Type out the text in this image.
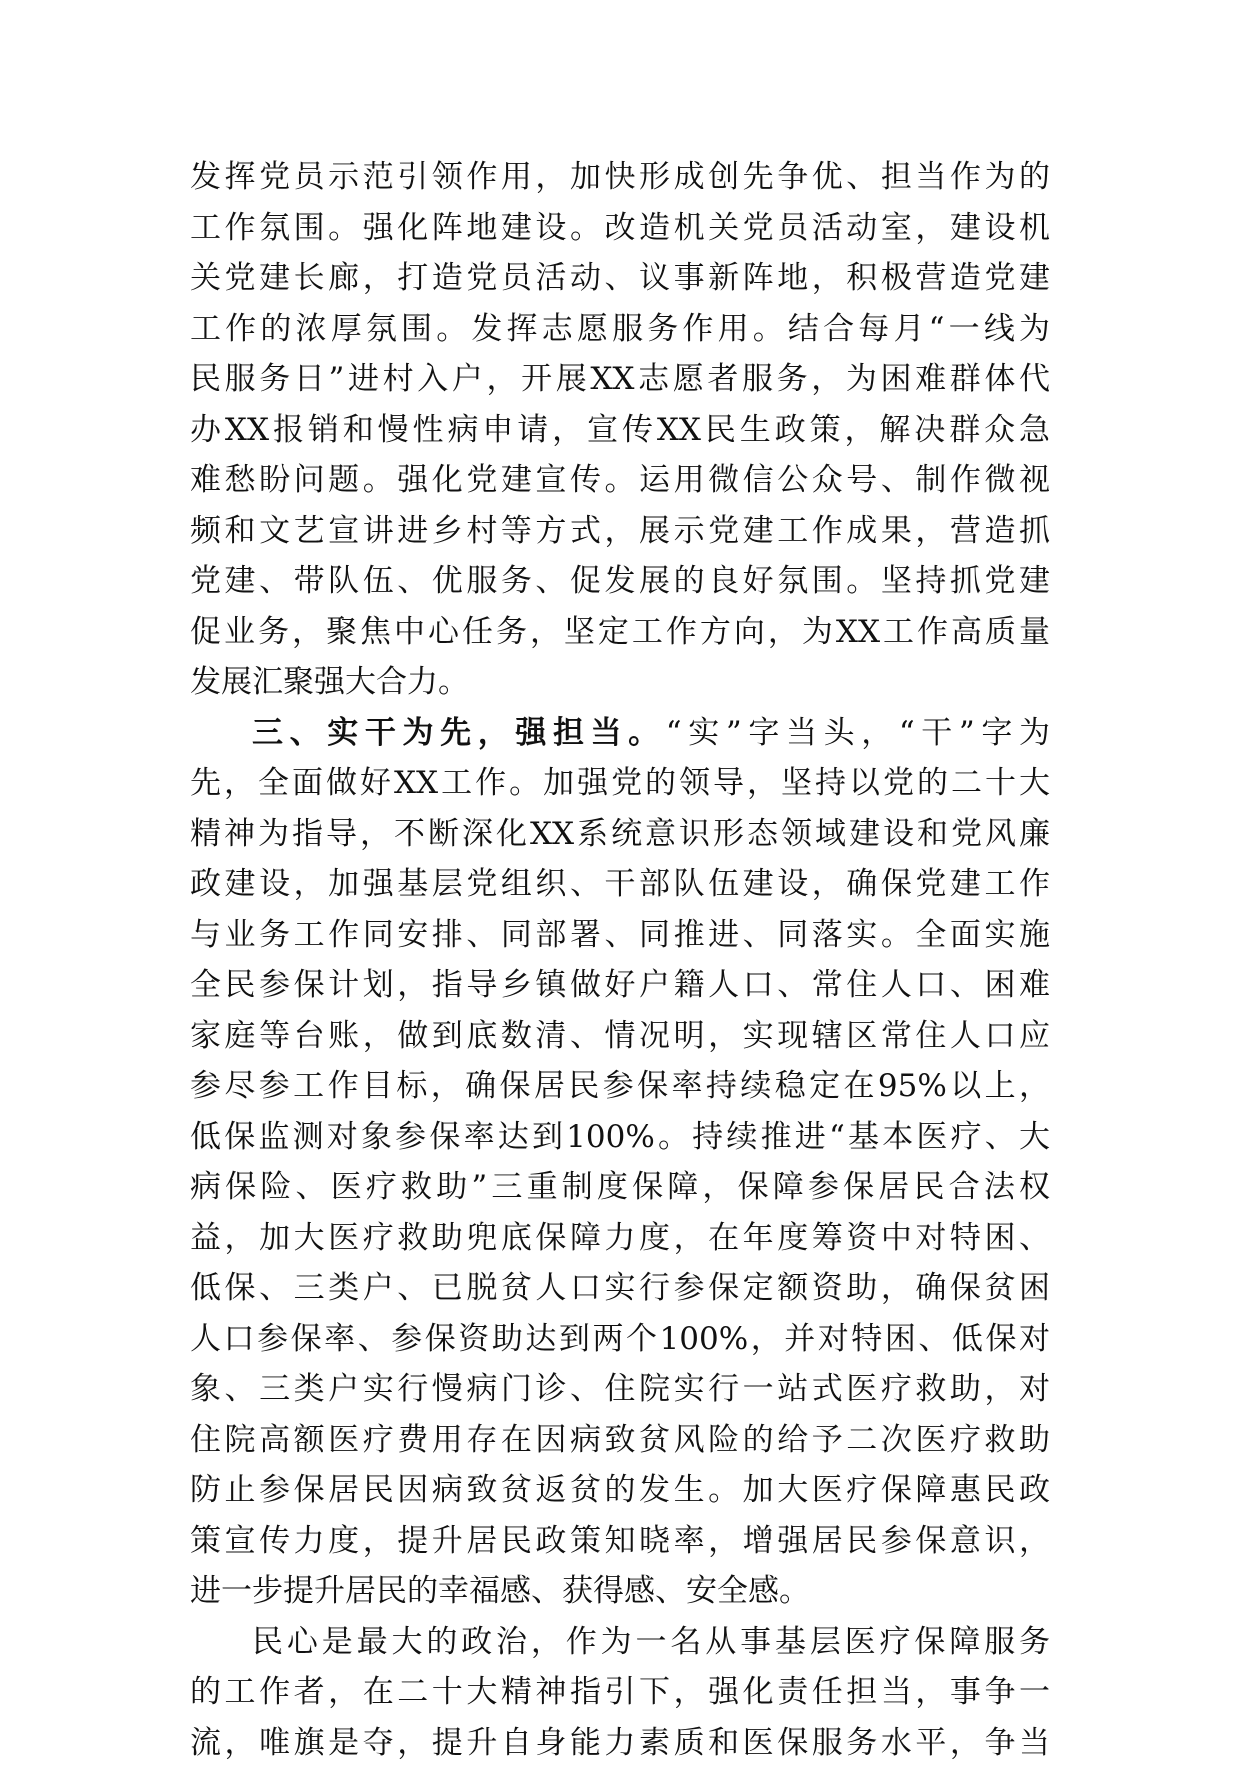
发挥党员示范引领作用，加快形成创先争优、担当作为的
工作氛围。强化阵地建设。改造机关党员活动室，建设机
关党建长廊，打造党员活动、议事新阵地，积极营造党建
工作的浓厚氛围。发挥志愿服务作用。结合每月“一线为
民服务日”进村入户，开展XX志愿者服务，为困难群体代
办XX报销和慢性病申请，宣传XX民生政策，解决群众急
难愁盼问题。强化党建宣传。运用微信公众号、制作微视
频和文艺宣讲进乡村等方式，展示党建工作成果，营造抓
党建、带队伍、优服务、促发展的良好氛围。坚持抓党建
促业务，聚焦中心任务，坚定工作方向，为XX工作高质量
发展汇聚强大合力。
三、实干为先，强担当。“实”字当头，“干”字为
先，全面做好XX工作。加强党的领导，坚持以党的二十大
精神为指导，不断深化XX系统意识形态领域建设和党风廉
政建设，加强基层党组织、干部队伍建设，确保党建工作
与业务工作同安排、同部署、同推进、同落实。全面实施
全民参保计划，指导乡镇做好户籍人口、常住人口、困难
家庭等台账，做到底数清、情况明，实现辖区常住人口应
参尽参工作目标，确保居民参保率持续稳定在95%以上，
低保监测对象参保率达到100%。持续推进“基本医疗、大
病保险、医疗救助”三重制度保障，保障参保居民合法权
益，加大医疗救助兜底保障力度，在年度筹资中对特困、
低保、三类户、已脱贫人口实行参保定额资助，确保贫困
人口参保率、参保资助达到两个100%，并对特困、低保对
象、三类户实行慢病门诊、住院实行一站式医疗救助，对
住院高额医疗费用存在因病致贫风险的给予二次医疗救助
防止参保居民因病致贫返贫的发生。加大医疗保障惠民政
策宣传力度，提升居民政策知晓率，增强居民参保意识，
进一步提升居民的幸福感、获得感、安全感。
民心是最大的政治，作为一名从事基层医疗保障服务
的工作者，在二十大精神指引下，强化责任担当，事争一
流，唯旗是夺，提升自身能力素质和医保服务水平，争当
